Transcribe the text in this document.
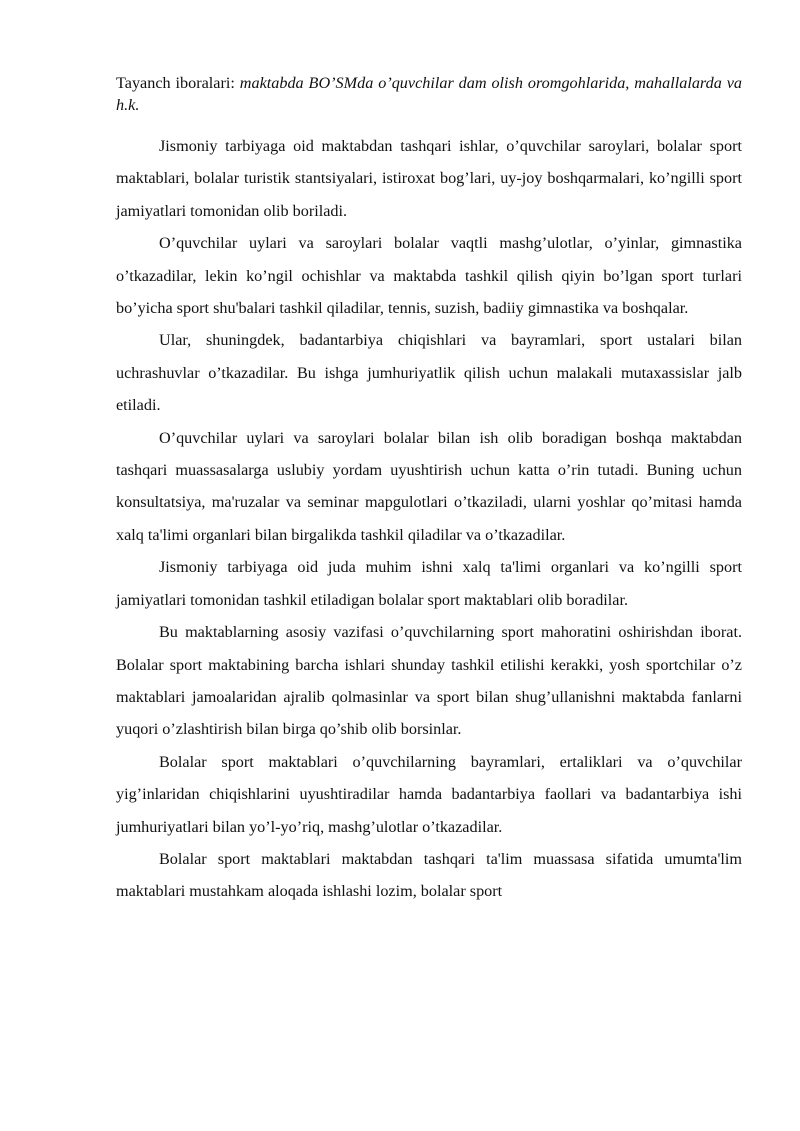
Tayanch iboralari: maktabda BO’SMda o’quvchilar dam olish oromgohlarida, mahallalarda va h.k.

Jismoniy tarbiyaga oid maktabdan tashqari ishlar, o’quvchilar saroylari, bolalar sport maktablari, bolalar turistik stantsiyalari, istiroxat bog’lari, uy-joy boshqarmalari, ko’ngilli sport jamiyatlari tomonidan olib boriladi.

O’quvchilar uylari va saroylari bolalar vaqtli mashg’ulotlar, o’yinlar, gimnastika o’tkazadilar, lekin ko’ngil ochishlar va maktabda tashkil qilish qiyin bo’lgan sport turlari bo’yicha sport shu'balari tashkil qiladilar, tennis, suzish, badiiy gimnastika va boshqalar.

Ular, shuningdek, badantarbiya chiqishlari va bayramlari, sport ustalari bilan uchrashuvlar o’tkazadilar. Bu ishga jumhuriyatlik qilish uchun malakali mutaxassislar jalb etiladi.

O’quvchilar uylari va saroylari bolalar bilan ish olib boradigan boshqa maktabdan tashqari muassasalarga uslubiy yordam uyushtirish uchun katta o’rin tutadi. Buning uchun konsultatsiya, ma'ruzalar va seminar mapgulotlari o’tkaziladi, ularni yoshlar qo’mitasi hamda xalq ta'limi organlari bilan birgalikda tashkil qiladilar va o’tkazadilar.

Jismoniy tarbiyaga oid juda muhim ishni xalq ta'limi organlari va ko’ngilli sport jamiyatlari tomonidan tashkil etiladigan bolalar sport maktablari olib boradilar.

Bu maktablarning asosiy vazifasi o’quvchilarning sport mahoratini oshirishdan iborat. Bolalar sport maktabining barcha ishlari shunday tashkil etilishi kerakki, yosh sportchilar o’z maktablari jamoalaridan ajralib qolmasinlar va sport bilan shug’ullanishni maktabda fanlarni yuqori o’zlashtirish bilan birga qo’shib olib borsinlar.

Bolalar sport maktablari o’quvchilarning bayramlari, ertaliklari va o’quvchilar yig’inlaridan chiqishlarini uyushtiradilar hamda badantarbiya faollari va badantarbiya ishi jumhuriyatlari bilan yo’l-yo’riq, mashg’ulotlar o’tkazadilar.

Bolalar sport maktablari maktabdan tashqari ta'lim muassasa sifatida umumta'lim maktablari mustahkam aloqada ishlashi lozim, bolalar sport
